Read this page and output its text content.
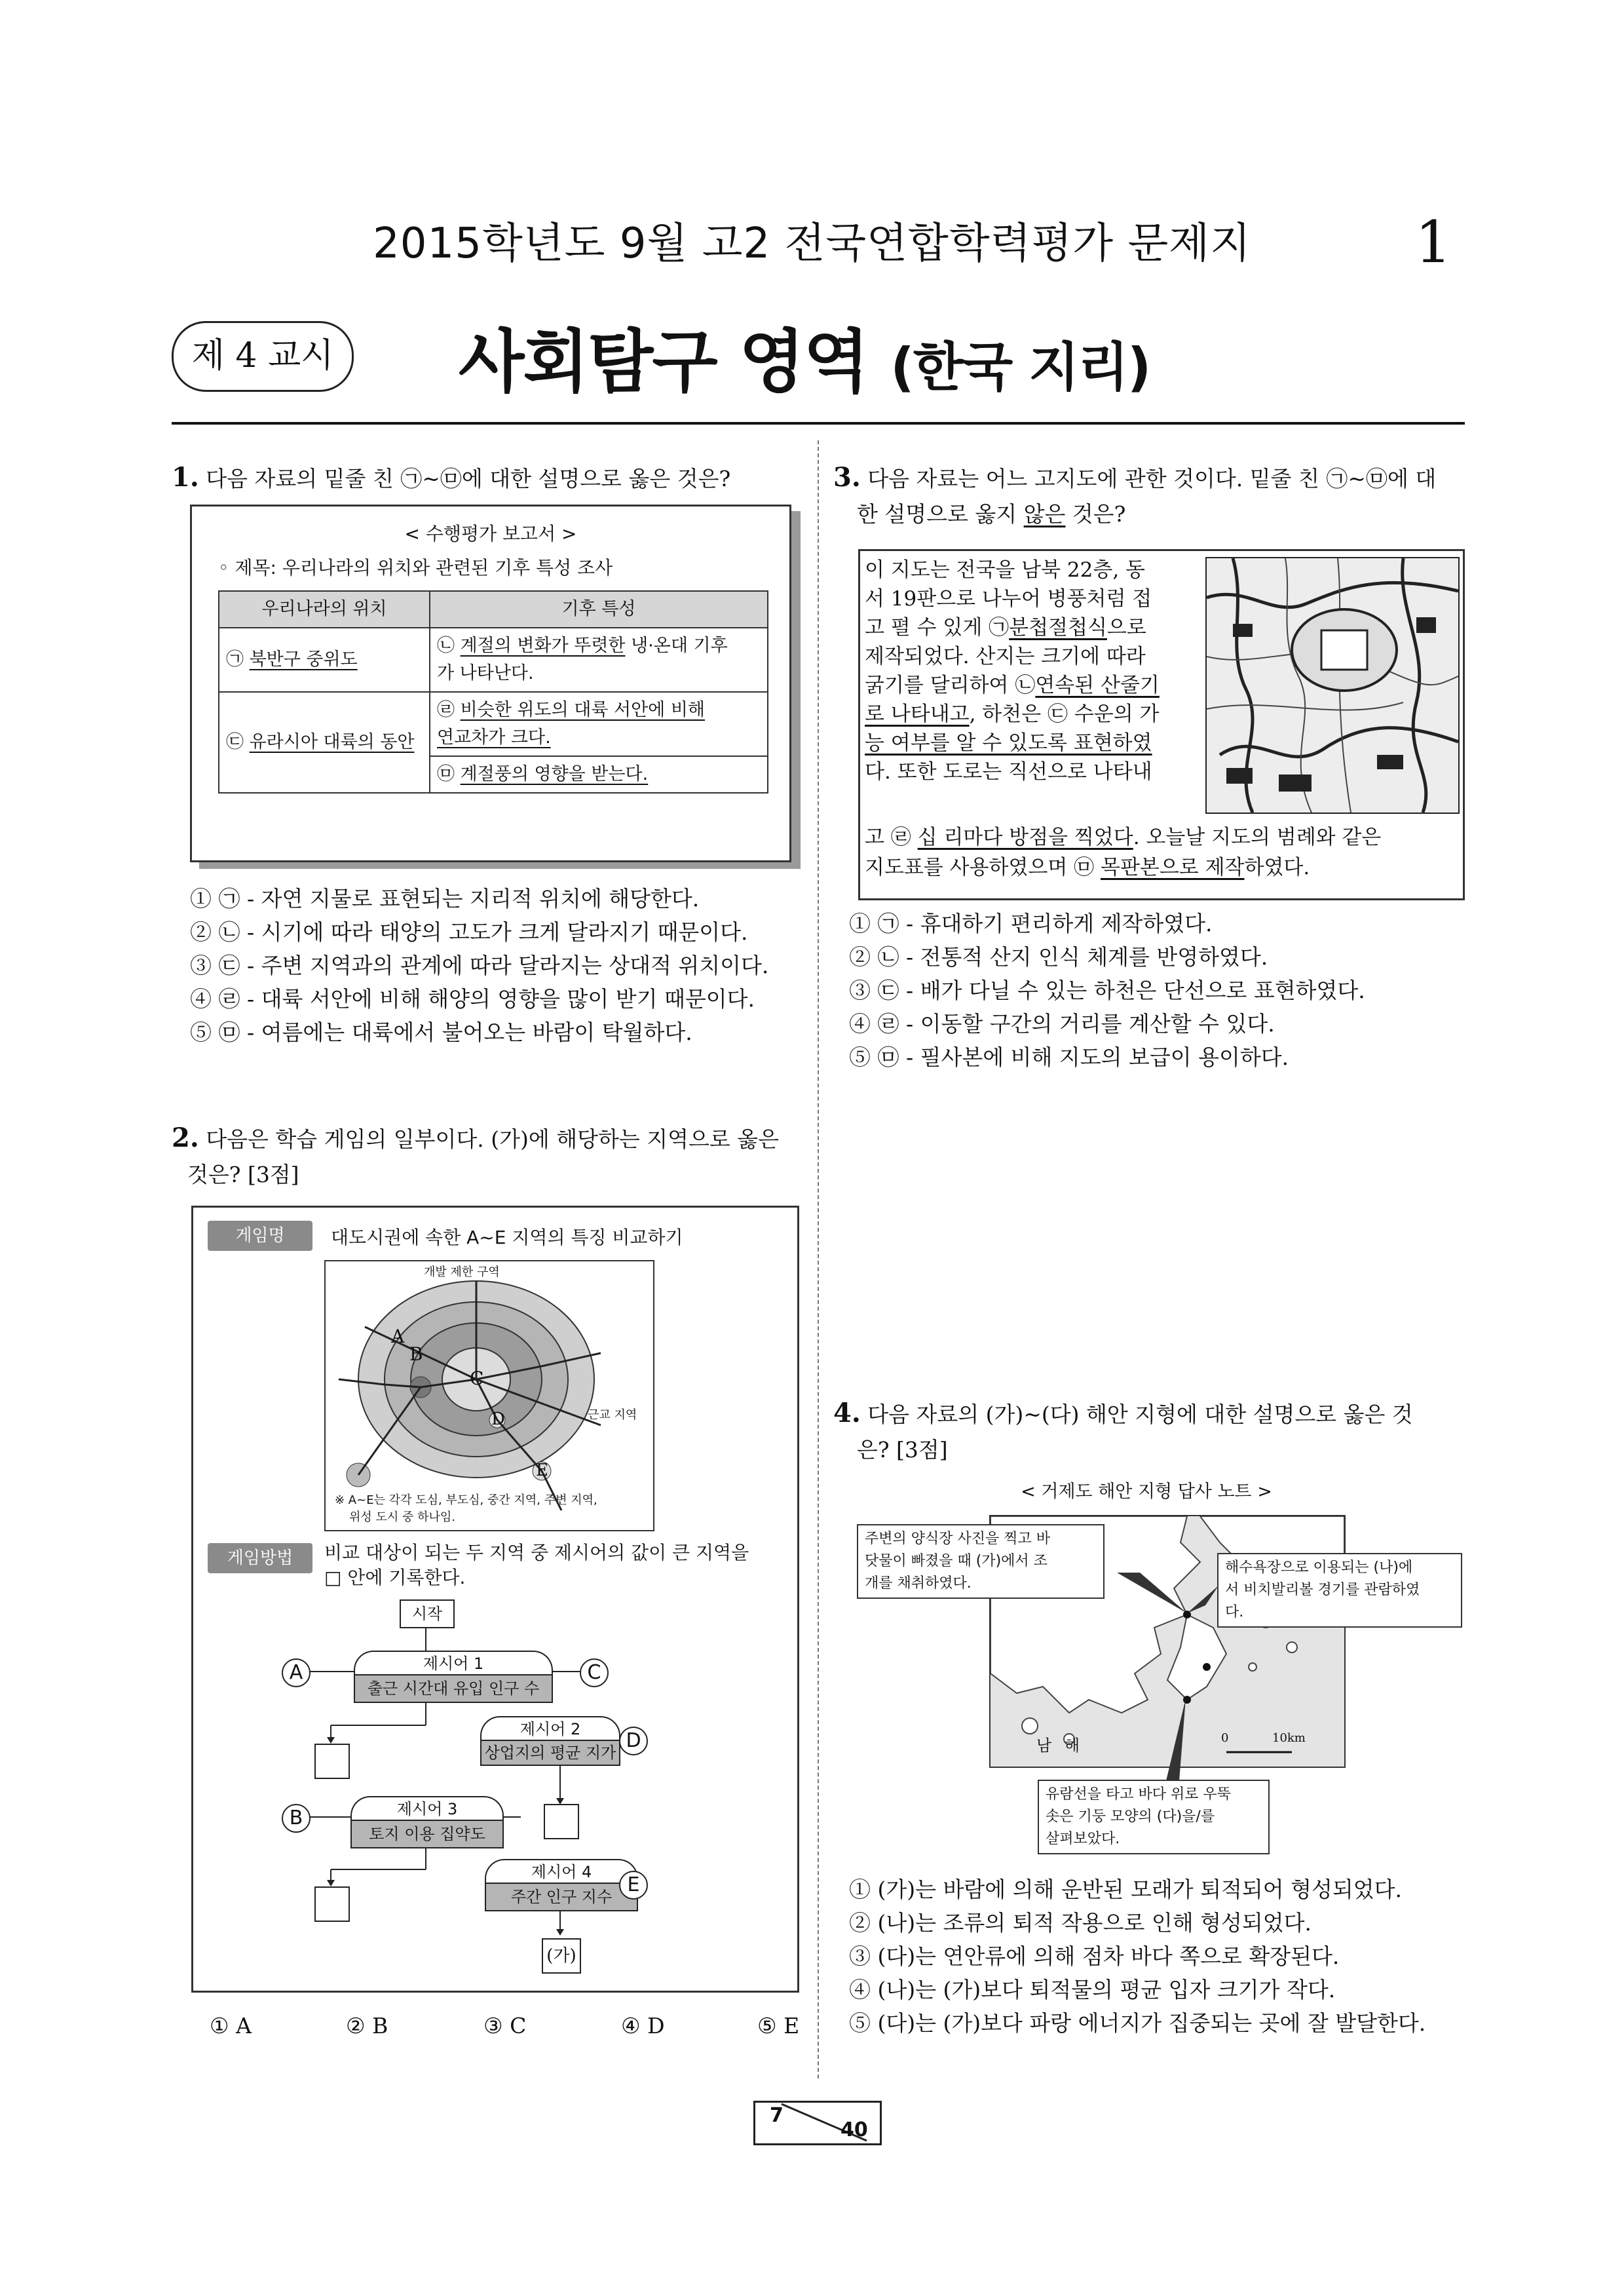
2015학년도 9월 고2 전국연합학력평가 문제지	1
제 4 교시 사회탐구 영역 (한국 지리)
1. 다음 자료의 밑줄 친 ㉠~㉤에 대한 설명으로 옳은 것은?
< 수행평가 보고서 >
◦ 제목: 우리나라의 위치와 관련된 기후 특성 조사
우리나라의 위치	기후 특성
㉠ 북반구 중위도	㉡ 계절의 변화가 뚜렷한 냉·온대 기후
가 나타난다.
㉢ 유라시아 대륙의 동안	㉣ 비슷한 위도의 대륙 서안에 비해
연교차가 크다.
	㉤ 계절풍의 영향을 받는다.
① ㉠ - 자연 지물로 표현되는 지리적 위치에 해당한다.
② ㉡ - 시기에 따라 태양의 고도가 크게 달라지기 때문이다.
③ ㉢ - 주변 지역과의 관계에 따라 달라지는 상대적 위치이다.
④ ㉣ - 대륙 서안에 비해 해양의 영향을 많이 받기 때문이다.
⑤ ㉤ - 여름에는 대륙에서 불어오는 바람이 탁월하다.
2. 다음은 학습 게임의 일부이다. (가)에 해당하는 지역으로 옳은
것은? [3점]
게임명	대도시권에 속한 A~E 지역의 특징 비교하기
개발 제한 구역
A
B
C
D
E
근교 지역
※ A~E는 각각 도심, 부도심, 중간 지역, 주변 지역,
위성 도시 중 하나임.
게임방법	비교 대상이 되는 두 지역 중 제시어의 값이 큰 지역을
□ 안에 기록한다.
시작
제시어 1
출근 시간대 유입 인구 수
A	C
제시어 2
상업지의 평균 지가
D
B	제시어 3
토지 이용 집약도
제시어 4
주간 인구 지수
E
(가)
① A	② B	③ C	④ D	⑤ E
3. 다음 자료는 어느 고지도에 관한 것이다. 밑줄 친 ㉠~㉤에 대
한 설명으로 옳지 않은 것은?
이 지도는 전국을 남북 22층, 동
서 19판으로 나누어 병풍처럼 접
고 펼 수 있게 ㉠분첩절첩식으로
제작되었다. 산지는 크기에 따라
굵기를 달리하여 ㉡연속된 산줄기
로 나타내고, 하천은 ㉢ 수운의 가
능 여부를 알 수 있도록 표현하였
다. 또한 도로는 직선으로 나타내
고 ㉣ 십 리마다 방점을 찍었다. 오늘날 지도의 범례와 같은
지도표를 사용하였으며 ㉤ 목판본으로 제작하였다.
① ㉠ - 휴대하기 편리하게 제작하였다.
② ㉡ - 전통적 산지 인식 체계를 반영하였다.
③ ㉢ - 배가 다닐 수 있는 하천은 단선으로 표현하였다.
④ ㉣ - 이동할 구간의 거리를 계산할 수 있다.
⑤ ㉤ - 필사본에 비해 지도의 보급이 용이하다.
4. 다음 자료의 (가)~(다) 해안 지형에 대한 설명으로 옳은 것
은? [3점]
< 거제도 해안 지형 답사 노트 >
남 해	0	10km
주변의 양식장 사진을 찍고 바
닷물이 빠졌을 때 (가)에서 조
개를 채취하였다.
해수욕장으로 이용되는 (나)에
서 비치발리볼 경기를 관람하였
다.
유람선을 타고 바다 위로 우뚝
솟은 기둥 모양의 (다)을/를
살펴보았다.
① (가)는 바람에 의해 운반된 모래가 퇴적되어 형성되었다.
② (나)는 조류의 퇴적 작용으로 인해 형성되었다.
③ (다)는 연안류에 의해 점차 바다 쪽으로 확장된다.
④ (나)는 (가)보다 퇴적물의 평균 입자 크기가 작다.
⑤ (다)는 (가)보다 파랑 에너지가 집중되는 곳에 잘 발달한다.
7
40
